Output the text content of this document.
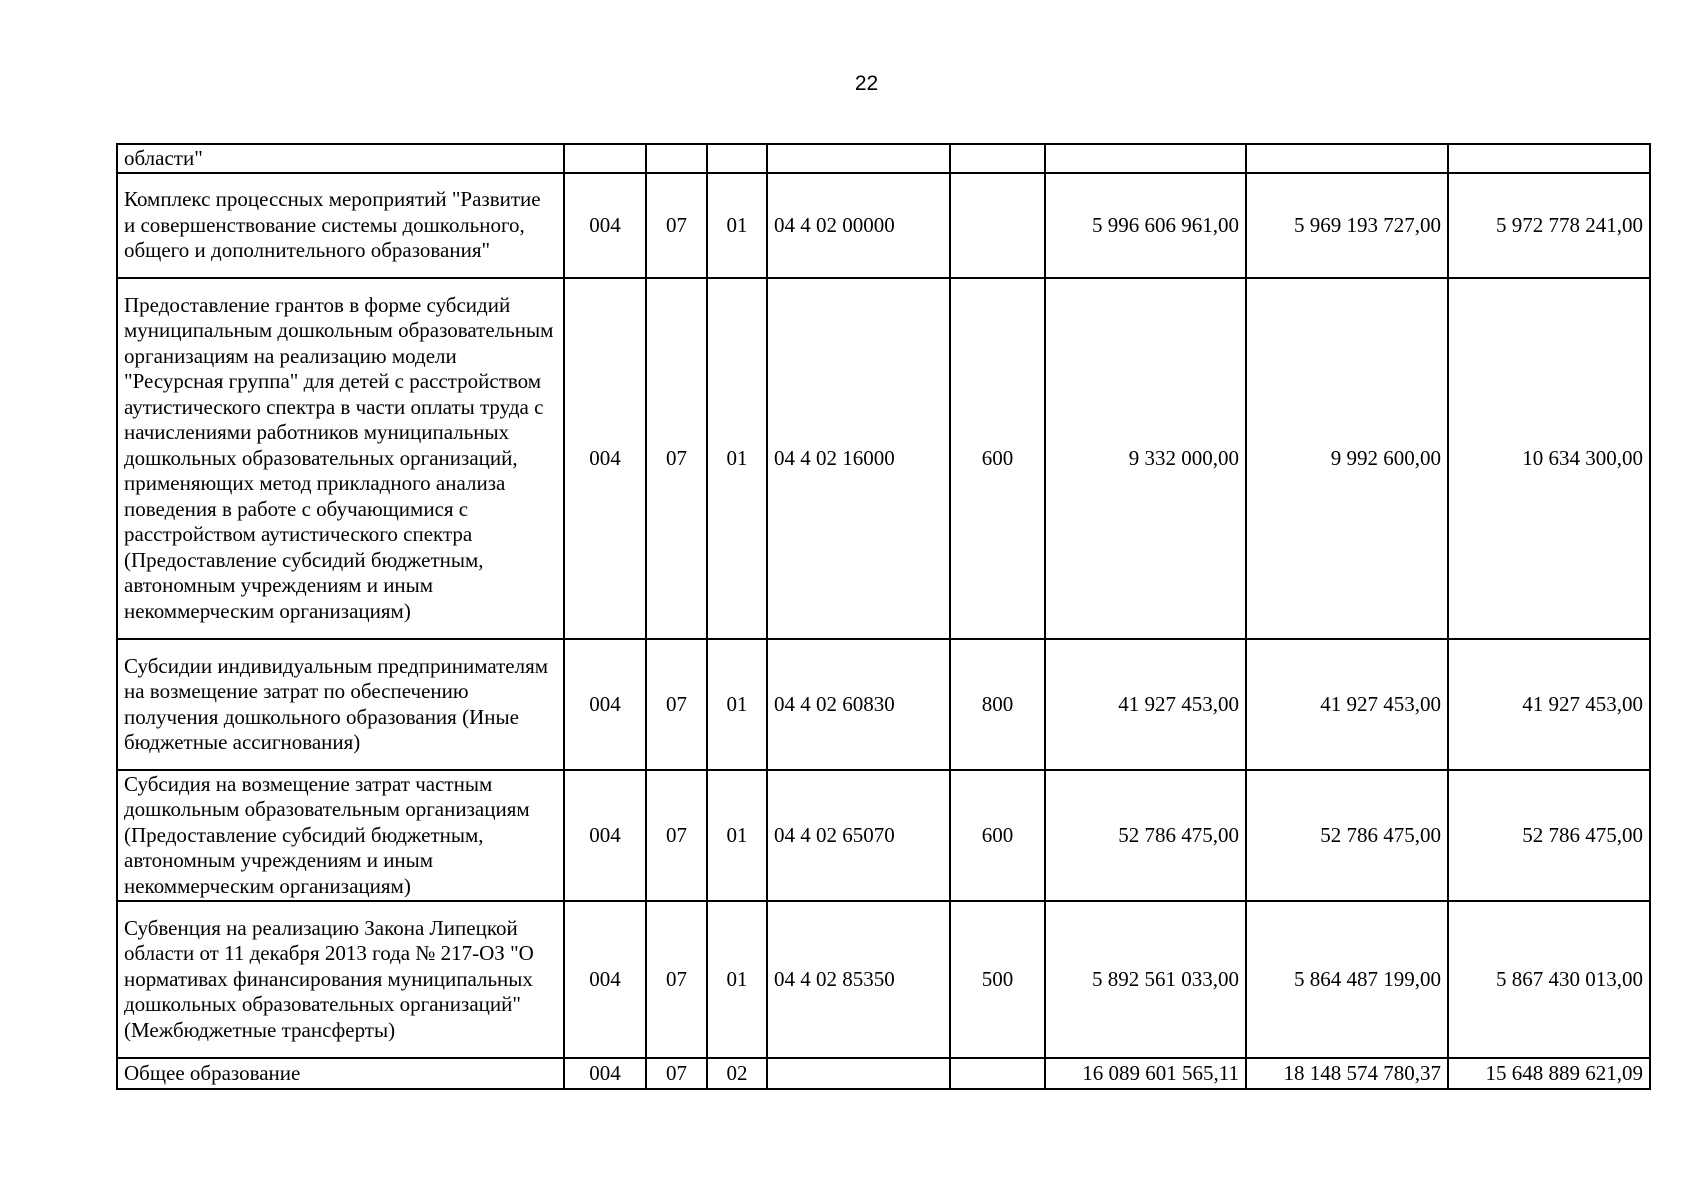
22
области"								
Комплекс процессных мероприятий "Развитие и совершенствование системы дошкольного, общего и дополнительного образования"	004	07	01	04 4 02 00000		5 996 606 961,00	5 969 193 727,00	5 972 778 241,00
Предоставление грантов в форме субсидий муниципальным дошкольным образовательным организациям на реализацию модели "Ресурсная группа" для детей с расстройством аутистического спектра в части оплаты труда с начислениями работников муниципальных дошкольных образовательных организаций, применяющих метод прикладного анализа поведения в работе с обучающимися с расстройством аутистического спектра (Предоставление субсидий бюджетным, автономным учреждениям и иным некоммерческим организациям)	004	07	01	04 4 02 16000	600	9 332 000,00	9 992 600,00	10 634 300,00
Субсидии индивидуальным предпринимателям на возмещение затрат по обеспечению получения дошкольного образования (Иные бюджетные ассигнования)	004	07	01	04 4 02 60830	800	41 927 453,00	41 927 453,00	41 927 453,00
Субсидия на возмещение затрат частным дошкольным образовательным организациям (Предоставление субсидий бюджетным, автономным учреждениям и иным некоммерческим организациям)	004	07	01	04 4 02 65070	600	52 786 475,00	52 786 475,00	52 786 475,00
Субвенция на реализацию Закона Липецкой области от 11 декабря 2013 года № 217-ОЗ "О нормативах финансирования муниципальных дошкольных образовательных организаций" (Межбюджетные трансферты)	004	07	01	04 4 02 85350	500	5 892 561 033,00	5 864 487 199,00	5 867 430 013,00
Общее образование	004	07	02			16 089 601 565,11	18 148 574 780,37	15 648 889 621,09
